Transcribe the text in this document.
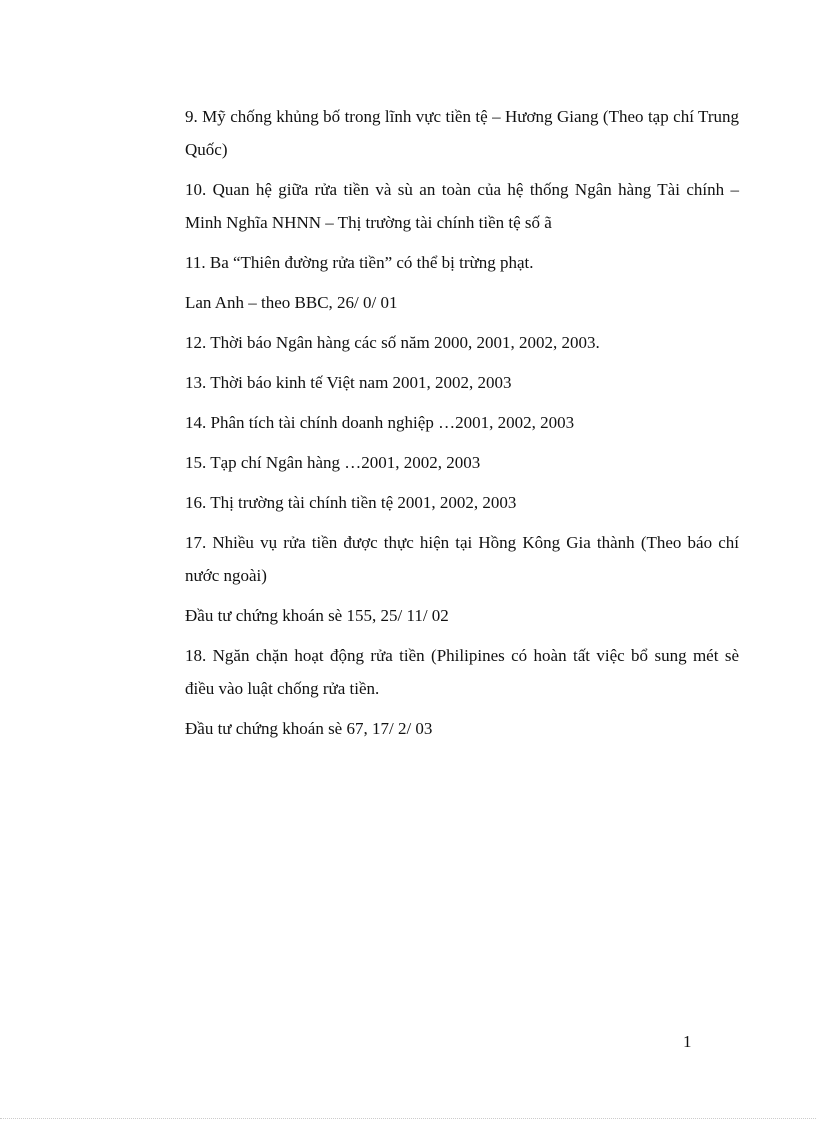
9. Mỹ chống khủng bố trong lĩnh vực tiền tệ – Hương Giang (Theo tạp chí Trung Quốc)

10. Quan hệ giữa rửa tiền và sù an toàn của hệ thống Ngân hàng Tài chính – Minh Nghĩa NHNN – Thị trường tài chính tiền tệ số ã

11. Ba “Thiên đường rửa tiền” có thể bị trừng phạt.

Lan Anh – theo BBC, 26/ 0/ 01

12. Thời báo Ngân hàng các số năm 2000, 2001, 2002, 2003.

13. Thời báo kinh tế Việt nam 2001, 2002, 2003

14. Phân tích tài chính doanh nghiệp …2001, 2002, 2003

15. Tạp chí Ngân hàng …2001, 2002, 2003

16. Thị trường tài chính tiền tệ 2001, 2002, 2003

17. Nhiều vụ rửa tiền được thực hiện tại Hồng Kông Gia thành (Theo báo chí nước ngoài)

Đầu tư chứng khoán sè 155, 25/ 11/ 02

18. Ngăn chặn hoạt động rửa tiền (Philipines có hoàn tất việc bổ sung mét sè điều vào luật chống rửa tiền.

Đầu tư chứng khoán sè 67, 17/ 2/ 03

1
